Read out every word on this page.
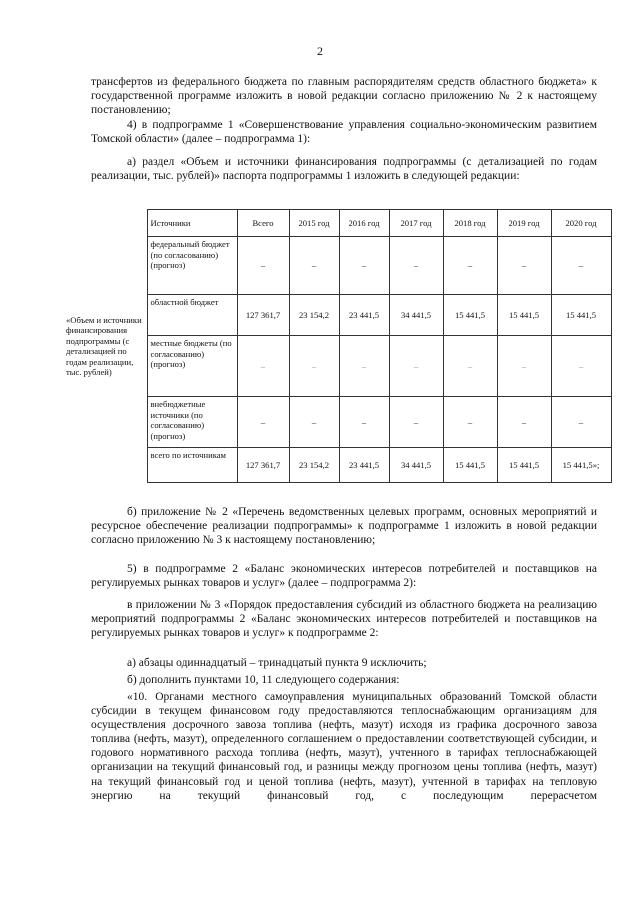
2
трансфертов из федерального бюджета по главным распорядителям средств областного бюджета» к государственной программе изложить в новой редакции согласно приложению № 2 к настоящему постановлению;
4) в подпрограмме 1 «Совершенствование управления социально-экономическим развитием Томской области» (далее – подпрограмма 1):
а) раздел «Объем и источники финансирования подпрограммы (с детализацией по годам реализации, тыс. рублей)» паспорта подпрограммы 1 изложить в следующей редакции:
«Объем и источники финансирования подпрограммы (с детализацией по годам реализации, тыс. рублей)	Источники	Всего	2015 год	2016 год	2017 год	2018 год	2019 год	2020 год
	федеральный бюджет (по согласованию) (прогноз)	–	–	–	–	–	–	–
	областной бюджет	127 361,7	23 154,2	23 441,5	34 441,5	15 441,5	15 441,5	15 441,5
	местные бюджеты (по согласованию) (прогноз)	–	–	–	–	–	–	–
	внебюджетные источники (по согласованию) (прогноз)	–	–	–	–	–	–	–
	всего по источникам	127 361,7	23 154,2	23 441,5	34 441,5	15 441,5	15 441,5	15 441,5»;
б) приложение № 2 «Перечень ведомственных целевых программ, основных мероприятий и ресурсное обеспечение реализации подпрограммы» к подпрограмме 1 изложить в новой редакции согласно приложению № 3 к настоящему постановлению;
5) в подпрограмме 2 «Баланс экономических интересов потребителей и поставщиков на регулируемых рынках товаров и услуг» (далее – подпрограмма 2):
в приложении № 3 «Порядок предоставления субсидий из областного бюджета на реализацию мероприятий подпрограммы 2 «Баланс экономических интересов потребителей и поставщиков на регулируемых рынках товаров и услуг» к подпрограмме 2:
а) абзацы одиннадцатый – тринадцатый пункта 9 исключить;
б) дополнить пунктами 10, 11 следующего содержания:
«10. Органами местного самоуправления муниципальных образований Томской области субсидии в текущем финансовом году предоставляются теплоснабжающим организациям для осуществления досрочного завоза топлива (нефть, мазут) исходя из графика досрочного завоза топлива (нефть, мазут), определенного соглашением о предоставлении соответствующей субсидии, и годового нормативного расхода топлива (нефть, мазут), учтенного в тарифах теплоснабжающей организации на текущий финансовый год, и разницы между прогнозом цены топлива (нефть, мазут) на текущий финансовый год и ценой топлива (нефть, мазут), учтенной в тарифах на тепловую энергию на текущий финансовый год, с последующим перерасчетом
